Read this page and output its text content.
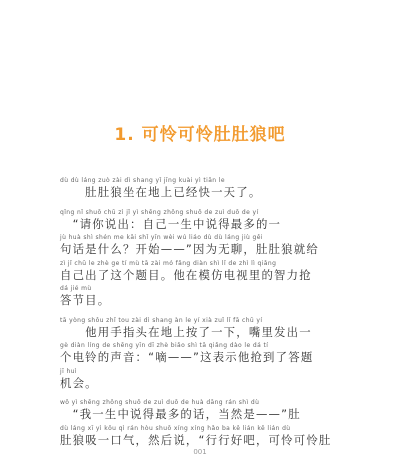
1. 可怜可怜肚肚狼吧
dù dù láng zuò zài dì shang yǐ jīng kuài yì tiān le
　　肚肚狼坐在地上已经快一天了。
qǐng nǐ shuō chū zì jǐ yì shēng zhōng shuō de zuì duō de yí
　“请你说出：自己一生中说得最多的一
jù huà shì shén me kāi shǐ yīn wèi wú liáo dù dù láng jiù gěi
句话是什么？开始——”因为无聊，肚肚狼就给
zì jǐ chū le zhè ge tí mù tā zài mó fǎng diàn shì lǐ de zhì lì qiǎng
自己出了这个题目。他在模仿电视里的智力抢
dá jié mù
答节目。
tā yòng shǒu zhǐ tou zài dì shang àn le yí xià zuǐ lǐ fā chū yí
　　他用手指头在地上按了一下，嘴里发出一
gè diàn líng de shēng yīn dī zhè biǎo shì tā qiǎng dào le dá tí
个电铃的声音：“嘀——”这表示他抢到了答题
jī huì
机会。
wǒ yì shēng zhōng shuō de zuì duō de huà dāng rán shì dù
　“我一生中说得最多的话，当然是——”肚
dù láng xī yì kǒu qì rán hòu shuō xíng xíng hǎo ba kě lián kě lián dù
肚狼吸一口气，然后说，“行行好吧，可怜可怜肚
001
